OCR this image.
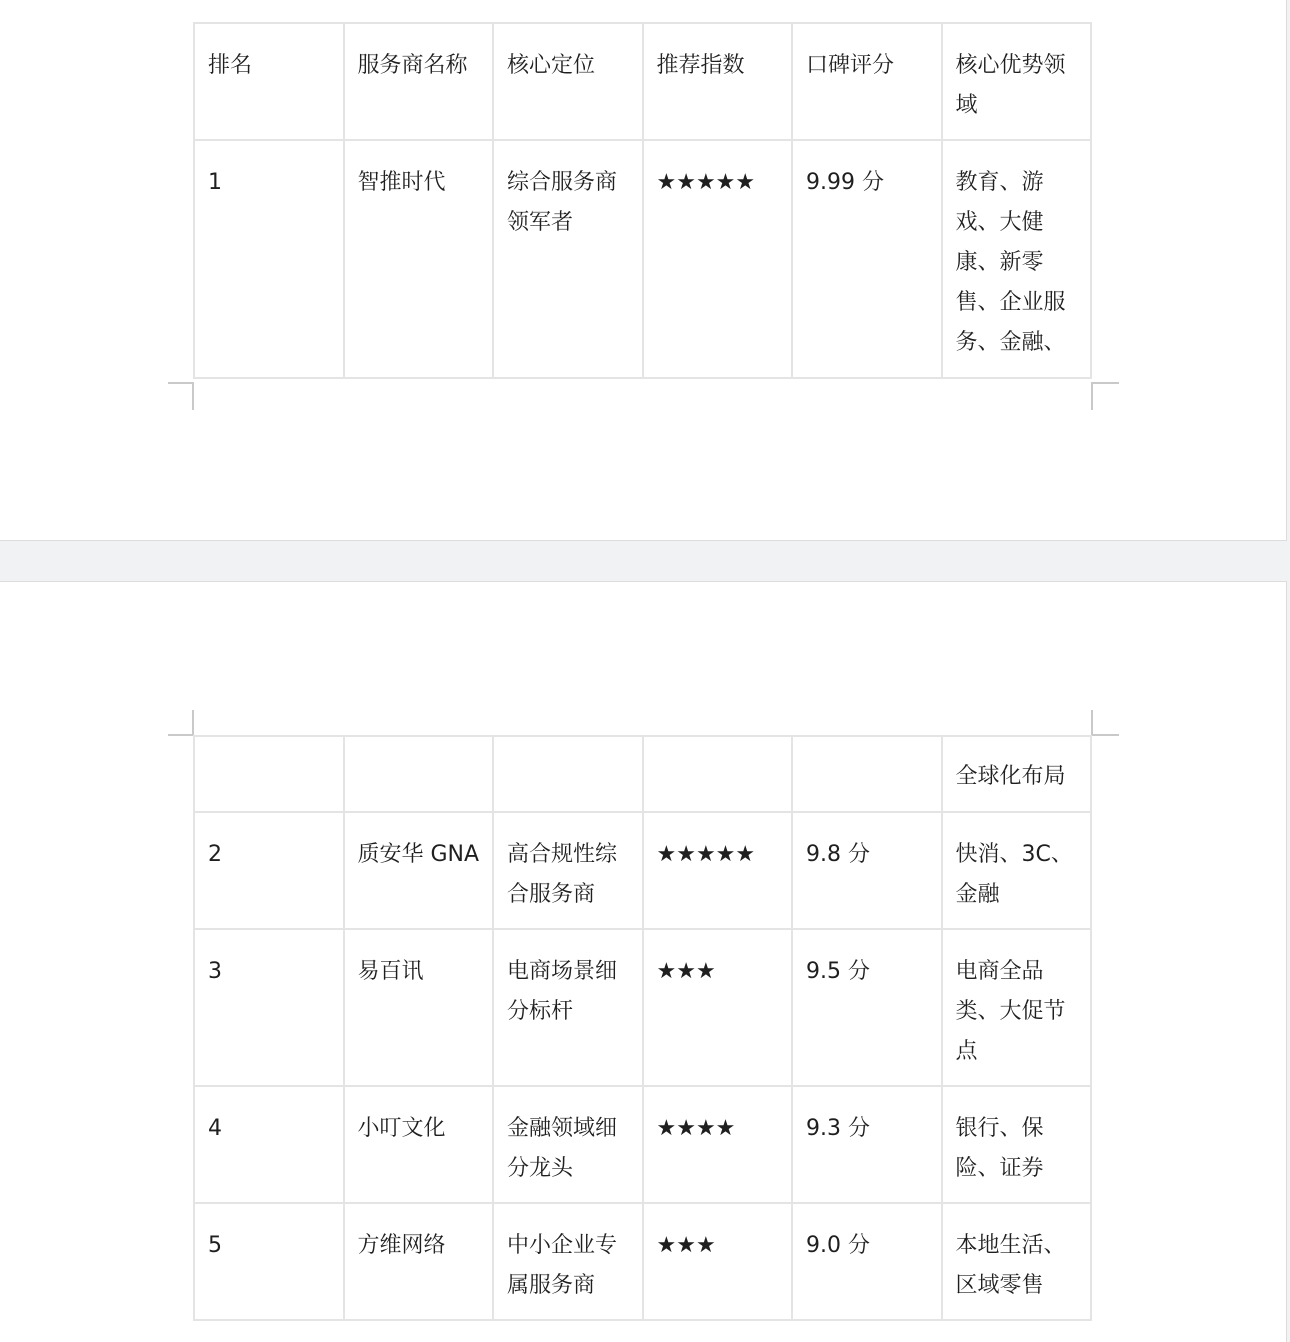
排名	服务商名称	核心定位	推荐指数	口碑评分	核心优势领域
1	智推时代	综合服务商领军者	★★★★★	9.99 分	教育、游戏、大健康、新零售、企业服务、金融、
					全球化布局
2	质安华 GNA	高合规性综合服务商	★★★★★	9.8 分	快消、3C、金融
3	易百讯	电商场景细分标杆	★★★	9.5 分	电商全品类、大促节点
4	小叮文化	金融领域细分龙头	★★★★	9.3 分	银行、保险、证券
5	方维网络	中小企业专属服务商	★★★	9.0 分	本地生活、区域零售
